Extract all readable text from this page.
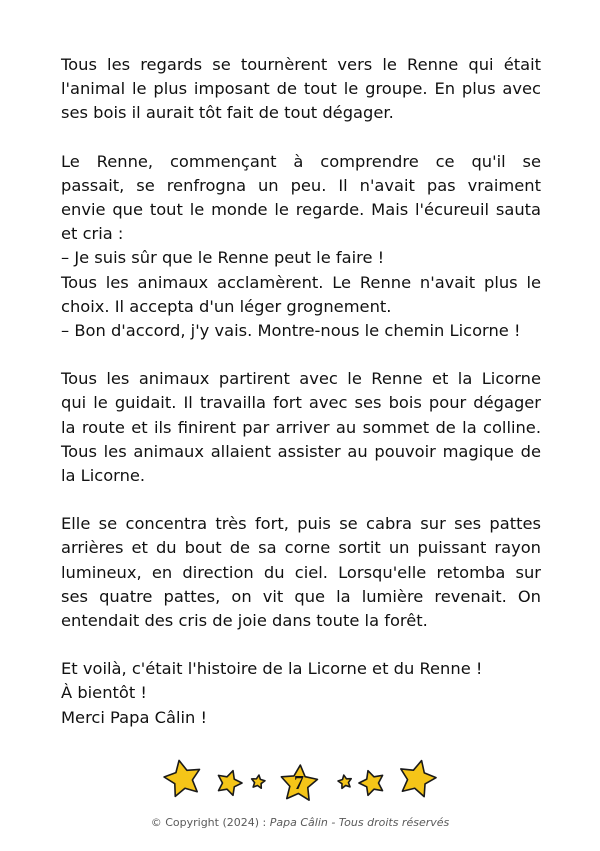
Tous les regards se tournèrent vers le Renne qui était
l'animal le plus imposant de tout le groupe. En plus avec
ses bois il aurait tôt fait de tout dégager.
Le Renne, commençant à comprendre ce qu'il se
passait, se renfrogna un peu. Il n'avait pas vraiment
envie que tout le monde le regarde. Mais l'écureuil sauta
et cria :
– Je suis sûr que le Renne peut le faire !
Tous les animaux acclamèrent. Le Renne n'avait plus le
choix. Il accepta d'un léger grognement.
– Bon d'accord, j'y vais. Montre-nous le chemin Licorne !
Tous les animaux partirent avec le Renne et la Licorne
qui le guidait. Il travailla fort avec ses bois pour dégager
la route et ils finirent par arriver au sommet de la colline.
Tous les animaux allaient assister au pouvoir magique de
la Licorne.
Elle se concentra très fort, puis se cabra sur ses pattes
arrières et du bout de sa corne sortit un puissant rayon
lumineux, en direction du ciel. Lorsqu'elle retomba sur
ses quatre pattes, on vit que la lumière revenait. On
entendait des cris de joie dans toute la forêt.
Et voilà, c'était l'histoire de la Licorne et du Renne !
À bientôt !
Merci Papa Câlin !
7
© Copyright (2024) : Papa Câlin - Tous droits réservés
